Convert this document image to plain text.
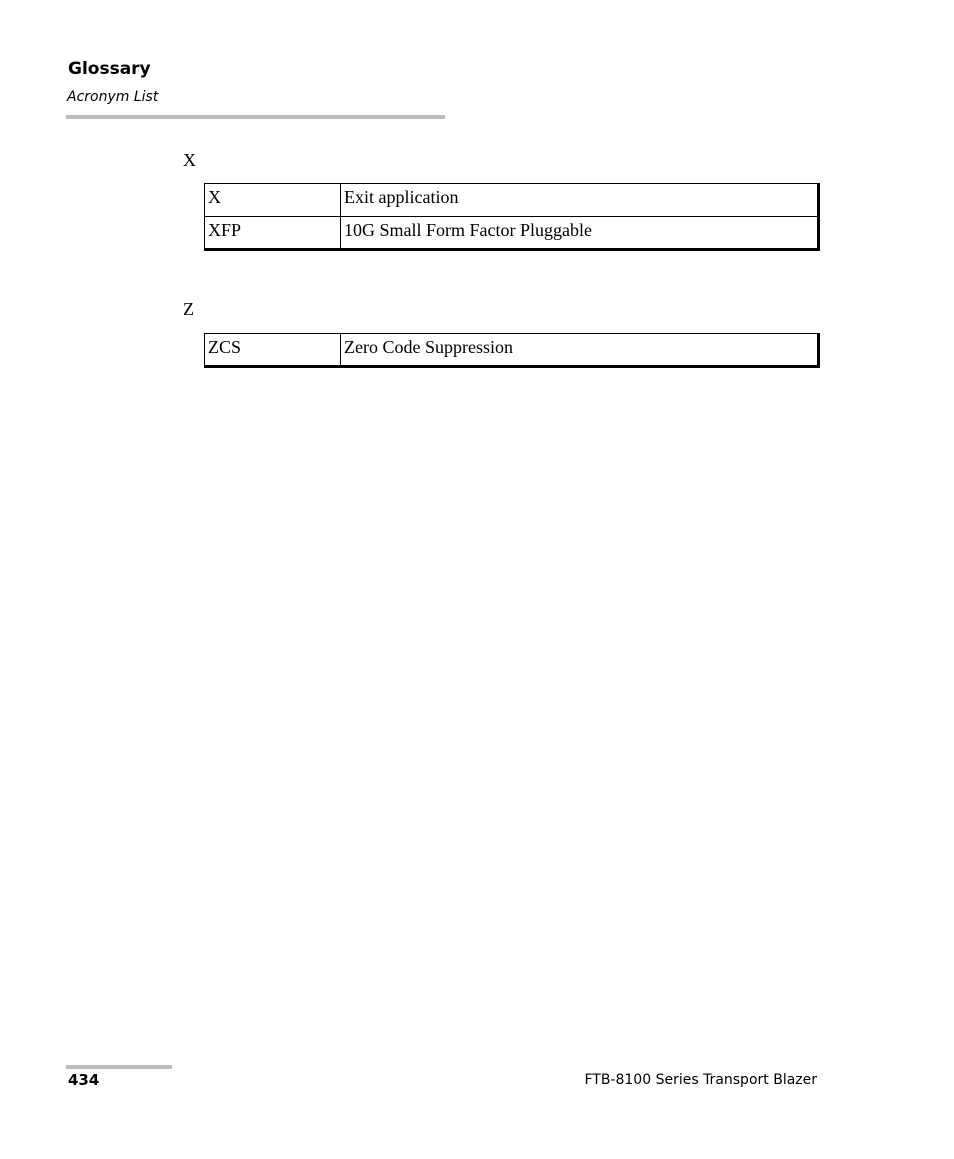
Glossary
Acronym List
X
X	Exit application
XFP	10G Small Form Factor Pluggable
Z
ZCS	Zero Code Suppression
434	FTB-8100 Series Transport Blazer
